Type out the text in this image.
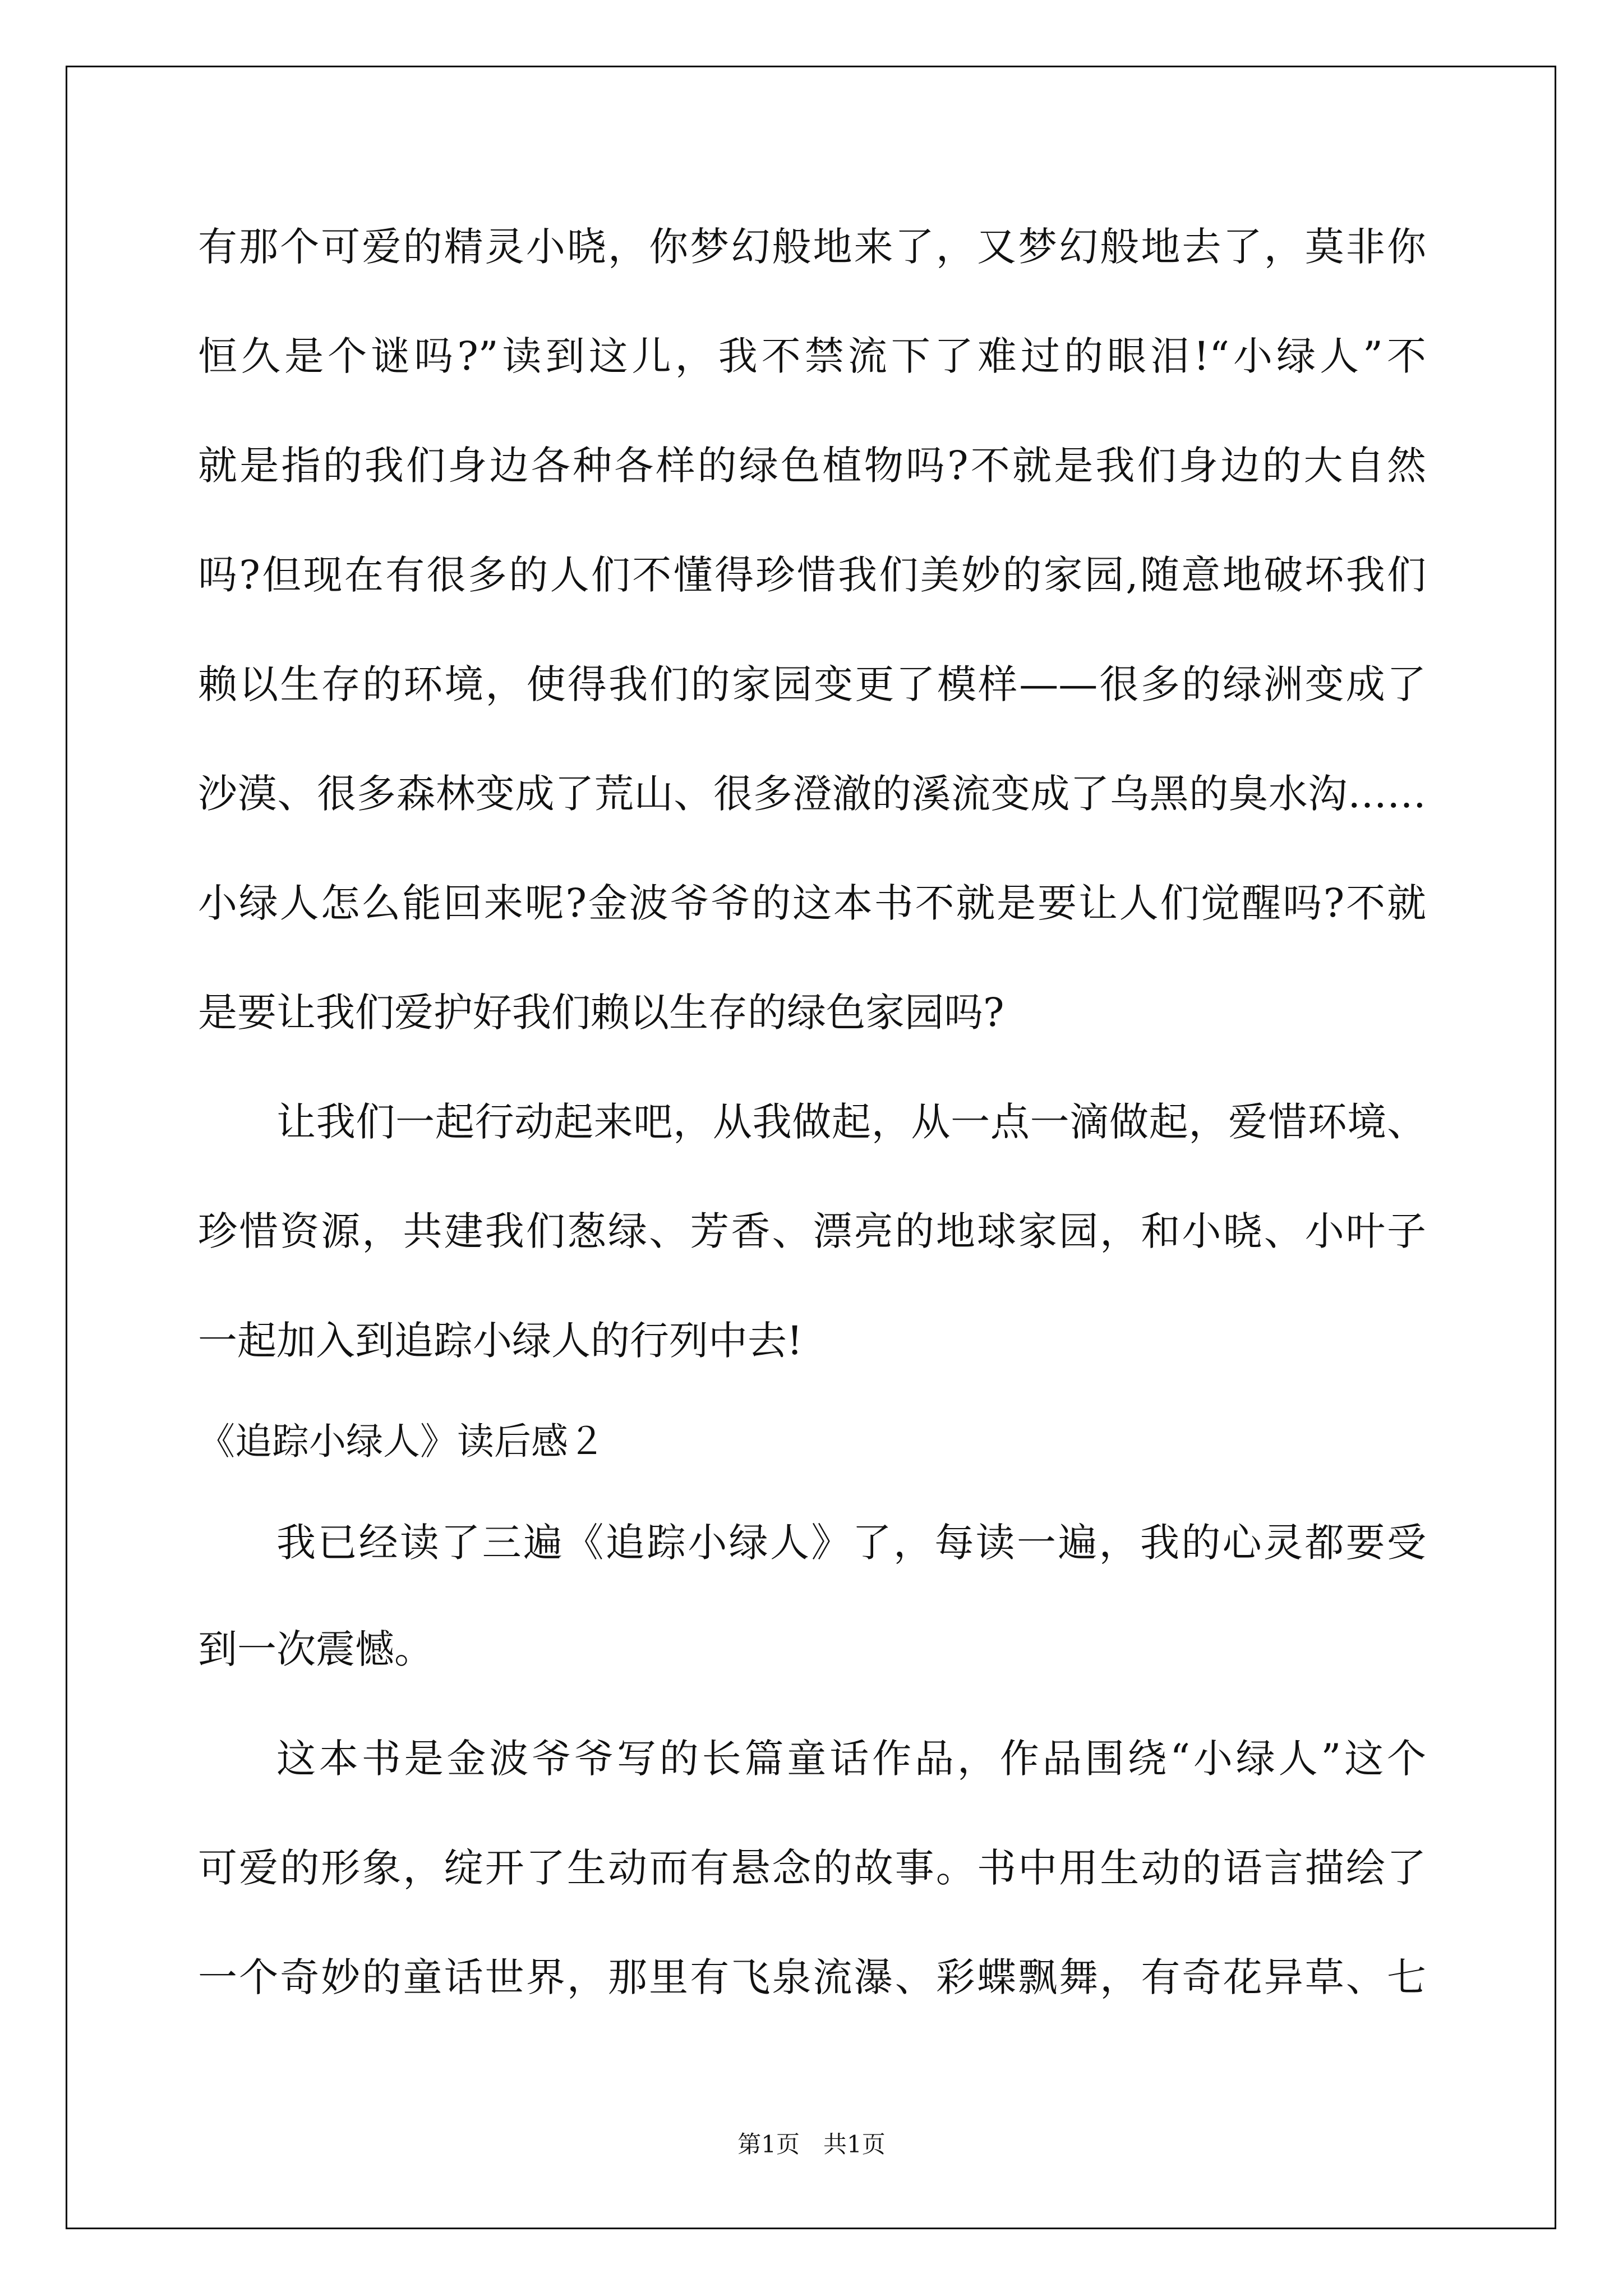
有那个可爱的精灵小晓，你梦幻般地来了，又梦幻般地去了，莫非你
恒久是个谜吗?”读到这儿，我不禁流下了难过的眼泪!“小绿人”不
就是指的我们身边各种各样的绿色植物吗?不就是我们身边的大自然
吗?但现在有很多的人们不懂得珍惜我们美妙的家园,随意地破坏我们
赖以生存的环境，使得我们的家园变更了模样——很多的绿洲变成了
沙漠、很多森林变成了荒山、很多澄澈的溪流变成了乌黑的臭水沟……
小绿人怎么能回来呢?金波爷爷的这本书不就是要让人们觉醒吗?不就
是要让我们爱护好我们赖以生存的绿色家园吗?
让我们一起行动起来吧，从我做起，从一点一滴做起，爱惜环境、
珍惜资源，共建我们葱绿、芳香、漂亮的地球家园，和小晓、小叶子
一起加入到追踪小绿人的行列中去!
《追踪小绿人》读后感２
我已经读了三遍《追踪小绿人》了，每读一遍，我的心灵都要受
到一次震憾。
这本书是金波爷爷写的长篇童话作品，作品围绕“小绿人”这个
可爱的形象，绽开了生动而有悬念的故事。书中用生动的语言描绘了
一个奇妙的童话世界，那里有飞泉流瀑、彩蝶飘舞，有奇花异草、七
第1页　共1页
